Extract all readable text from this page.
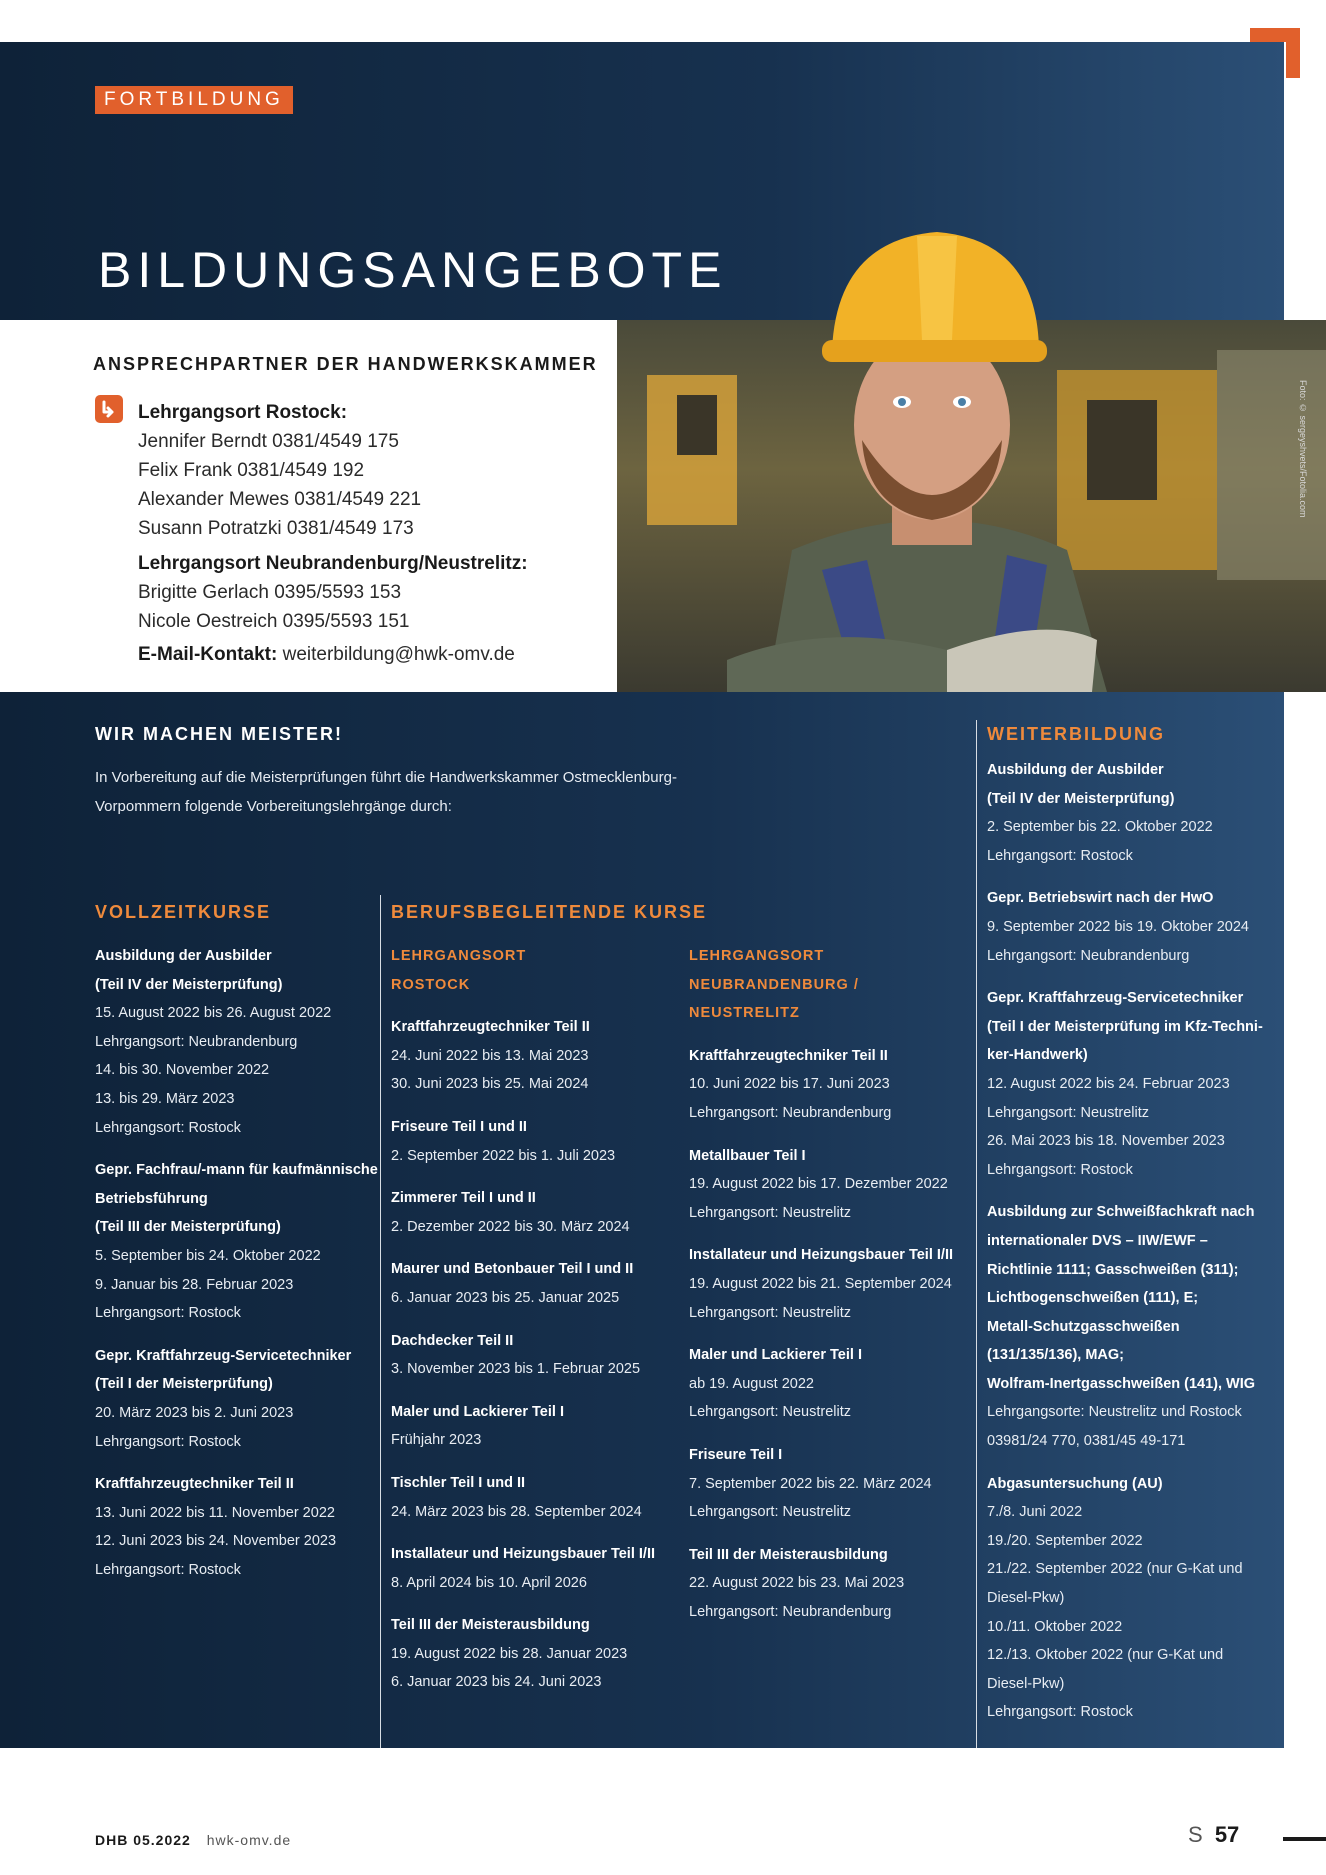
FORTBILDUNG
BILDUNGSANGEBOTE
ANSPRECHPARTNER DER HANDWERKSKAMMER
Lehrgangsort Rostock:
Jennifer Berndt 0381/4549 175
Felix Frank 0381/4549 192
Alexander Mewes 0381/4549 221
Susann Potratzki 0381/4549 173
Lehrgangsort Neubrandenburg/Neustrelitz:
Brigitte Gerlach 0395/5593 153
Nicole Oestreich 0395/5593 151
E-Mail-Kontakt: weiterbildung@hwk-omv.de
Foto: © sergeyshvets/Fotolia.com
WIR MACHEN MEISTER!

In Vorbereitung auf die Meisterprüfungen führt die Handwerkskammer Ostmecklenburg-Vorpommern folgende Vorbereitungslehrgänge durch:

VOLLZEITKURSE	BERUFSBEGLEITENDE KURSE
WEITERBILDUNG
Ausbildung der Ausbilder
(Teil IV der Meisterprüfung)
15. August 2022 bis 26. August 2022
Lehrgangsort: Neubrandenburg
14. bis 30. November 2022
13. bis 29. März 2023
Lehrgangsort: Rostock
Gepr. Fachfrau/-mann für kaufmännische
Betriebsführung
(Teil III der Meisterprüfung)
5. September bis 24. Oktober 2022
9. Januar bis 28. Februar 2023
Lehrgangsort: Rostock
Gepr. Kraftfahrzeug-Servicetechniker
(Teil I der Meisterprüfung)
20. März 2023 bis 2. Juni 2023
Lehrgangsort: Rostock
Kraftfahrzeugtechniker Teil II
13. Juni 2022 bis 11. November 2022
12. Juni 2023 bis 24. November 2023
Lehrgangsort: Rostock
LEHRGANGSORT
ROSTOCK
Kraftfahrzeugtechniker Teil II
24. Juni 2022 bis 13. Mai 2023
30. Juni 2023 bis 25. Mai 2024
Friseure Teil I und II
2. September 2022 bis 1. Juli 2023
Zimmerer Teil I und II
2. Dezember 2022 bis 30. März 2024
Maurer und Betonbauer Teil I und II
6. Januar 2023 bis 25. Januar 2025
Dachdecker Teil II
3. November 2023 bis 1. Februar 2025
Maler und Lackierer Teil I
Frühjahr 2023
Tischler Teil I und II
24. März 2023 bis 28. September 2024
Installateur und Heizungsbauer Teil I/II
8. April 2024 bis 10. April 2026
Teil III der Meisterausbildung
19. August 2022 bis 28. Januar 2023
6. Januar 2023 bis 24. Juni 2023
LEHRGANGSORT
NEUBRANDENBURG /
NEUSTRELITZ
Kraftfahrzeugtechniker Teil II
10. Juni 2022 bis 17. Juni 2023
Lehrgangsort: Neubrandenburg
Metallbauer Teil I
19. August 2022 bis 17. Dezember 2022
Lehrgangsort: Neustrelitz
Installateur und Heizungsbauer Teil I/II
19. August 2022 bis 21. September 2024
Lehrgangsort: Neustrelitz
Maler und Lackierer Teil I
ab 19. August 2022
Lehrgangsort: Neustrelitz
Friseure Teil I
7. September 2022 bis 22. März 2024
Lehrgangsort: Neustrelitz
Teil III der Meisterausbildung
22. August 2022 bis 23. Mai 2023
Lehrgangsort: Neubrandenburg
Ausbildung der Ausbilder
(Teil IV der Meisterprüfung)
2. September bis 22. Oktober 2022
Lehrgangsort: Rostock
Gepr. Betriebswirt nach der HwO
9. September 2022 bis 19. Oktober 2024
Lehrgangsort: Neubrandenburg
Gepr. Kraftfahrzeug-Servicetechniker
(Teil I der Meisterprüfung im Kfz-Techni-
ker-Handwerk)
12. August 2022 bis 24. Februar 2023
Lehrgangsort: Neustrelitz
26. Mai 2023 bis 18. November 2023
Lehrgangsort: Rostock
Ausbildung zur Schweißfachkraft nach
internationaler DVS – IIW/EWF –
Richtlinie 1111; Gasschweißen (311);
Lichtbogenschweißen (111), E;
Metall-Schutzgasschweißen
(131/135/136), MAG;
Wolfram-Inertgasschweißen (141), WIG
Lehrgangsorte: Neustrelitz und Rostock
03981/24 770, 0381/45 49-171
Abgasuntersuchung (AU)
7./8. Juni 2022
19./20. September 2022
21./22. September 2022 (nur G-Kat und
Diesel-Pkw)
10./11. Oktober 2022
12./13. Oktober 2022 (nur G-Kat und
Diesel-Pkw)
Lehrgangsort: Rostock
DHB 05.2022 hwk-omv.de	S 57
